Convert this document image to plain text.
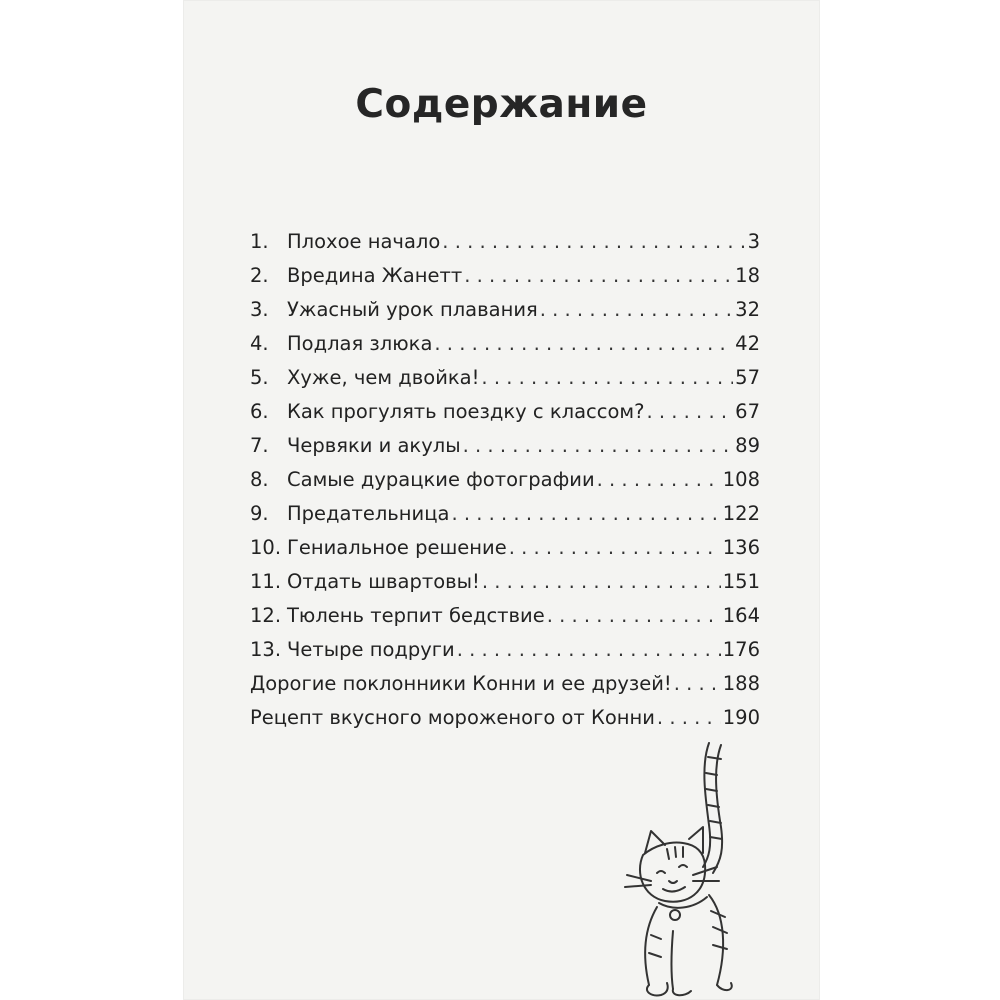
Содержание
1. Плохое начало . . .	3
2. Вредина Жанетт . . .	18
3. Ужасный урок плавания . . .	32
4. Подлая злюка . . .	42
5. Хуже, чем двойка! . . .	57
6. Как прогулять поездку с классом? . . .	67
7. Червяки и акулы . . .	89
8. Самые дурацкие фотографии . . .	108
9. Предательница . . .	122
10. Гениальное решение . . .	136
11. Отдать швартовы! . . .	151
12. Тюлень терпит бедствие . . .	164
13. Четыре подруги . . .	176
Дорогие поклонники Конни и ее друзей! . . .	188
Рецепт вкусного мороженого от Конни . . .	190
